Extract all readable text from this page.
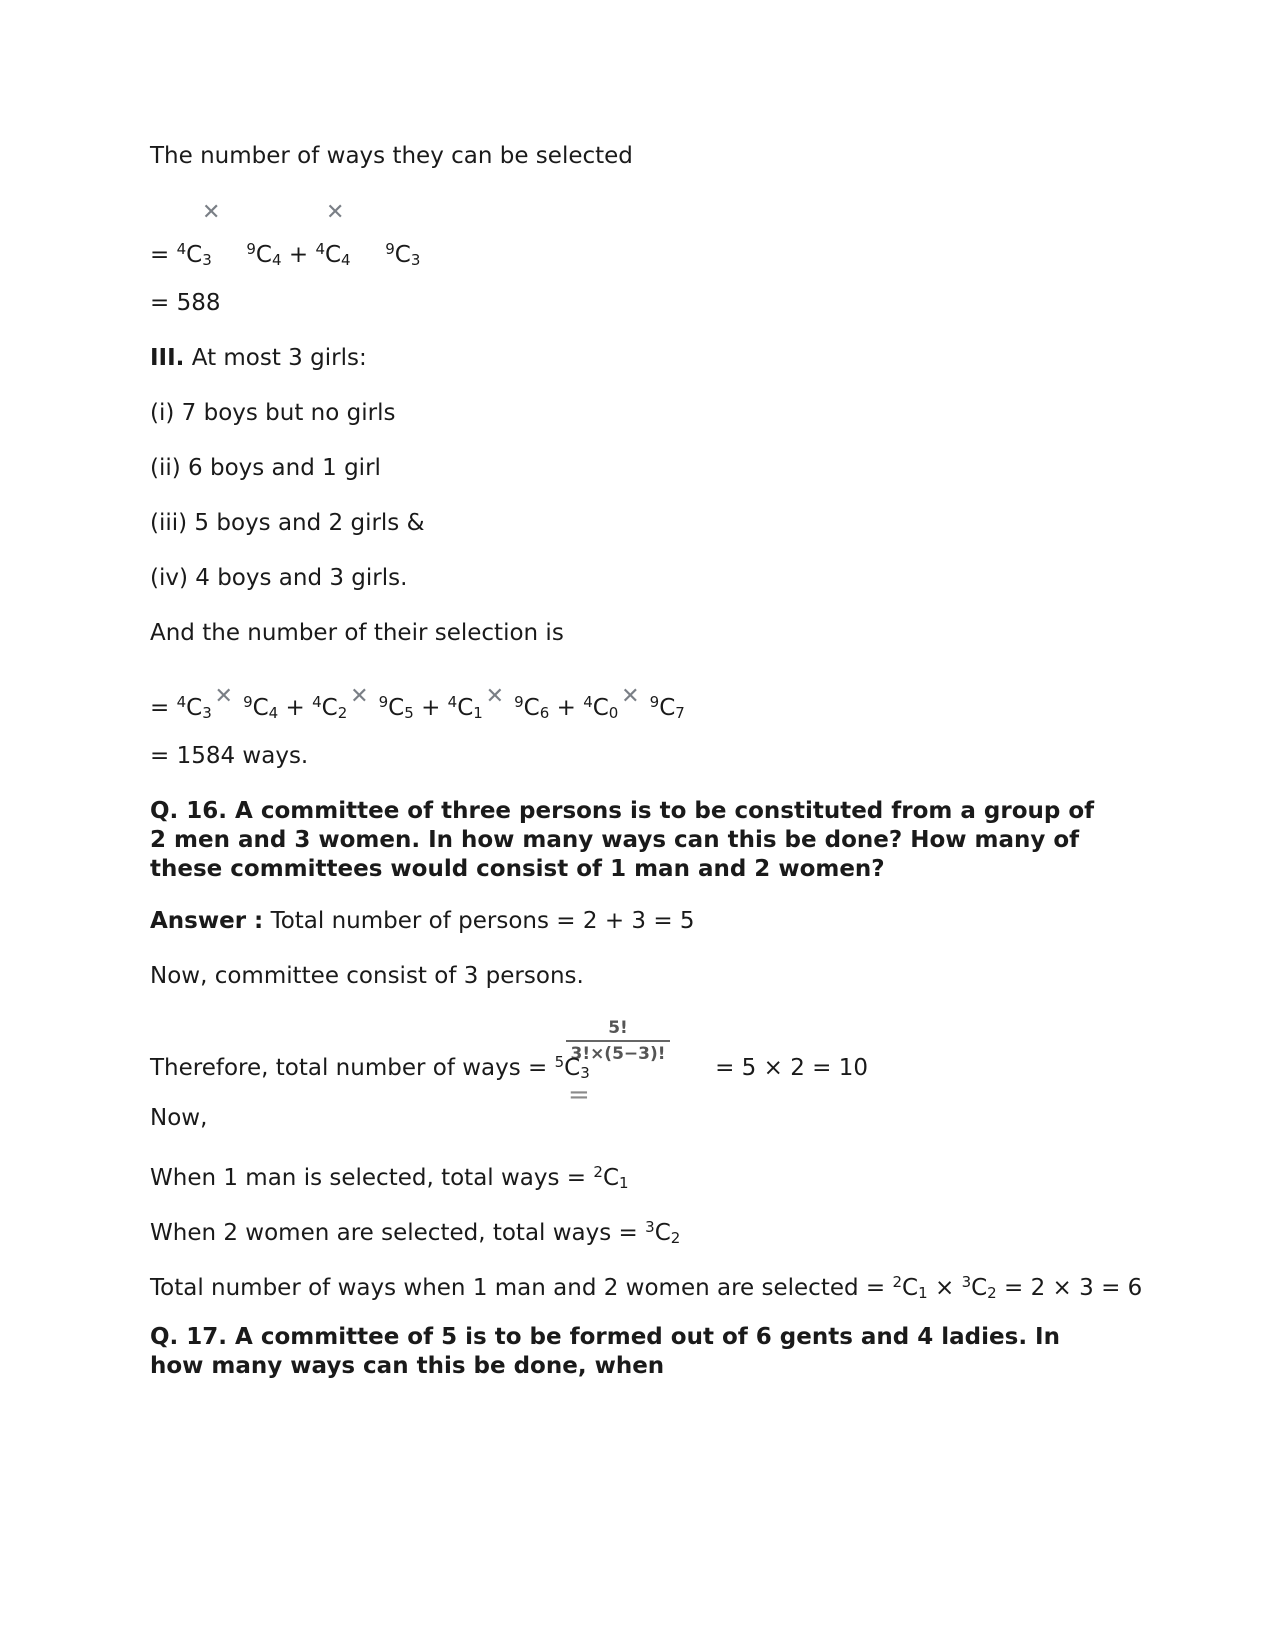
The number of ways they can be selected
✕	✕
= $^4C_3$  $^9C_4 + ^4C_4$  $^9C_3$
= 588
III. At most 3 girls:
(i) 7 boys but no girls
(ii) 6 boys and 1 girl
(iii) 5 boys and 2 girls &
(iv) 4 boys and 3 girls.
And the number of their selection is
= $^4C_3✕$ $^9C_4$ + $^4C_2✕$ $^9C_5$ + $^4C_1✕$ $^9C_6$ + $^4C_0✕$ $^9C_7$
= 1584 ways.
Q. 16. A committee of three persons is to be constituted from a group of 2 men and 3 women. In how many ways can this be done? How many of these committees would consist of 1 man and 2 women?
Answer : Total number of persons = 2 + 3 = 5
Now, committee consist of 3 persons.
=
$\frac{5!}{3!\times(5-3)!}$
Therefore, total number of ways = $^5C_3$	= 5 × 2 = 10
Now,
When 1 man is selected, total ways = $^2C_1$
When 2 women are selected, total ways = $^3C_2$
Total number of ways when 1 man and 2 women are selected = $^2C_1 \times ^3C_2 = 2 \times 3 = 6$
Q. 17. A committee of 5 is to be formed out of 6 gents and 4 ladies. In how many ways can this be done, when
